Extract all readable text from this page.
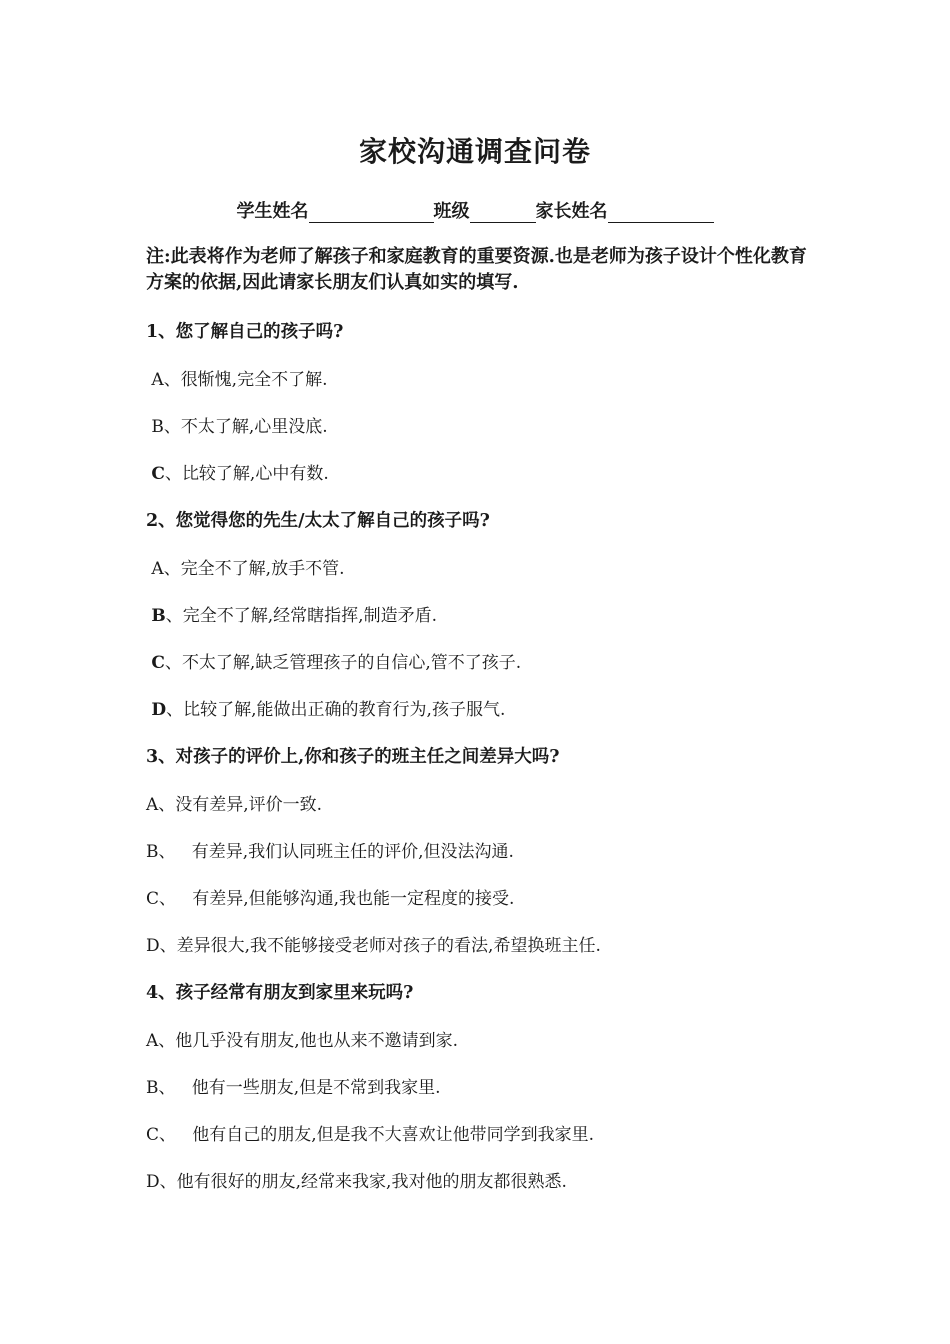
家校沟通调查问卷
学生姓名	班级	家长姓名
注:此表将作为老师了解孩子和家庭教育的重要资源.也是老师为孩子设计个性化教育方案的依据,因此请家长朋友们认真如实的填写.
1、您了解自己的孩子吗?
A、很惭愧,完全不了解.
B、不太了解,心里没底.
C、比较了解,心中有数.
2、您觉得您的先生/太太了解自己的孩子吗?
A、完全不了解,放手不管.
B、完全不了解,经常瞎指挥,制造矛盾.
C、不太了解,缺乏管理孩子的自信心,管不了孩子.
D、比较了解,能做出正确的教育行为,孩子服气.
3、对孩子的评价上,你和孩子的班主任之间差异大吗?
A、没有差异,评价一致.
B、 有差异,我们认同班主任的评价,但没法沟通.
C、 有差异,但能够沟通,我也能一定程度的接受.
D、差异很大,我不能够接受老师对孩子的看法,希望换班主任.
4、孩子经常有朋友到家里来玩吗?
A、他几乎没有朋友,他也从来不邀请到家.
B、 他有一些朋友,但是不常到我家里.
C、 他有自己的朋友,但是我不大喜欢让他带同学到我家里.
D、他有很好的朋友,经常来我家,我对他的朋友都很熟悉.
